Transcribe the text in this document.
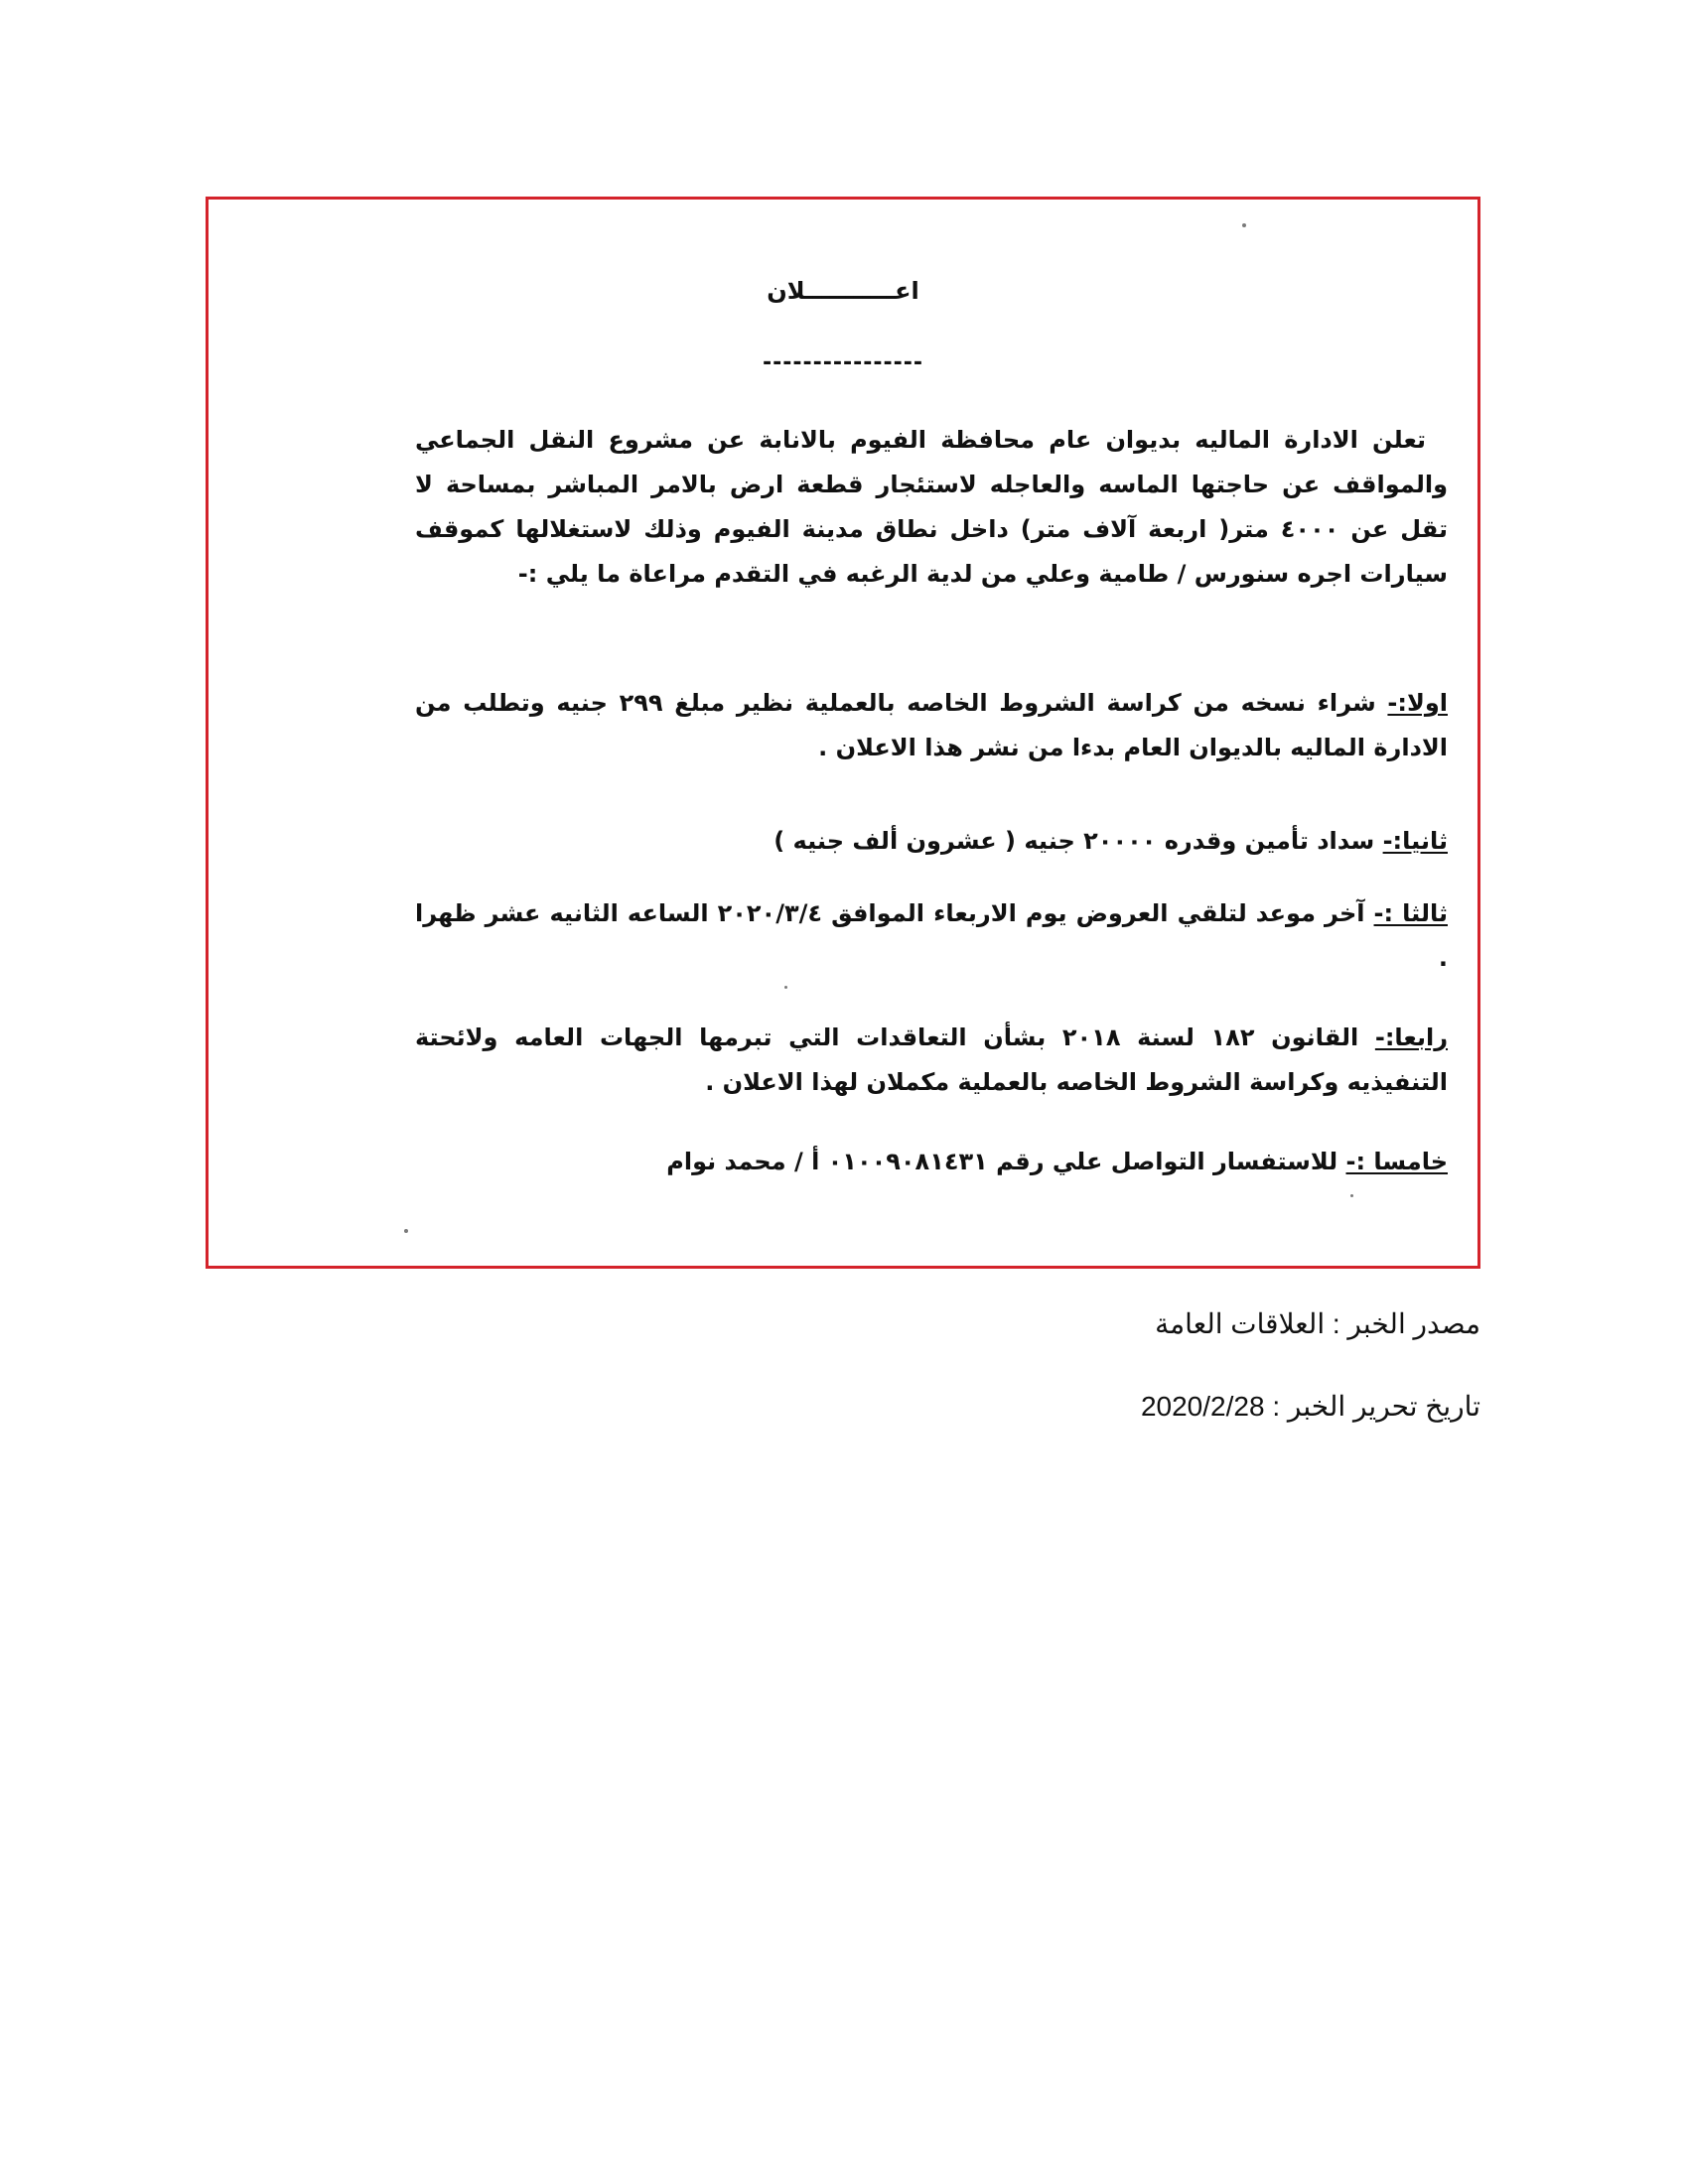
اعـــــــــــلان
----------------

تعلن الادارة الماليه بديوان عام محافظة الفيوم بالانابة عن مشروع النقل الجماعي والمواقف عن حاجتها الماسه والعاجله لاستئجار قطعة ارض بالامر المباشر بمساحة لا تقل عن ٤٠٠٠ متر( اربعة آلاف متر) داخل نطاق مدينة الفيوم وذلك لاستغلالها كموقف سيارات اجره سنورس / طامية وعلي من لدية الرغبه في التقدم مراعاة ما يلي :-

اولا:- شراء نسخه من كراسة الشروط الخاصه بالعملية نظير مبلغ ٢٩٩ جنيه وتطلب من الادارة الماليه بالديوان العام بدءا من نشر هذا الاعلان .

ثانيا:- سداد تأمين وقدره ٢٠٠٠٠ جنيه ( عشرون ألف جنيه )

ثالثا :- آخر موعد لتلقي العروض يوم الاربعاء الموافق ٢٠٢٠/٣/٤ الساعه الثانيه عشر ظهرا .

رابعا:- القانون ١٨٢ لسنة ٢٠١٨ بشأن التعاقدات التي تبرمها الجهات العامه ولائحتة التنفيذيه وكراسة الشروط الخاصه بالعملية مكملان لهذا الاعلان .

خامسا :- للاستفسار التواصل علي رقم ٠١٠٠٩٠٨١٤٣١ أ / محمد نوام

مصدر الخبر : العلاقات العامة
تاريخ تحرير الخبر : 2020/2/28
